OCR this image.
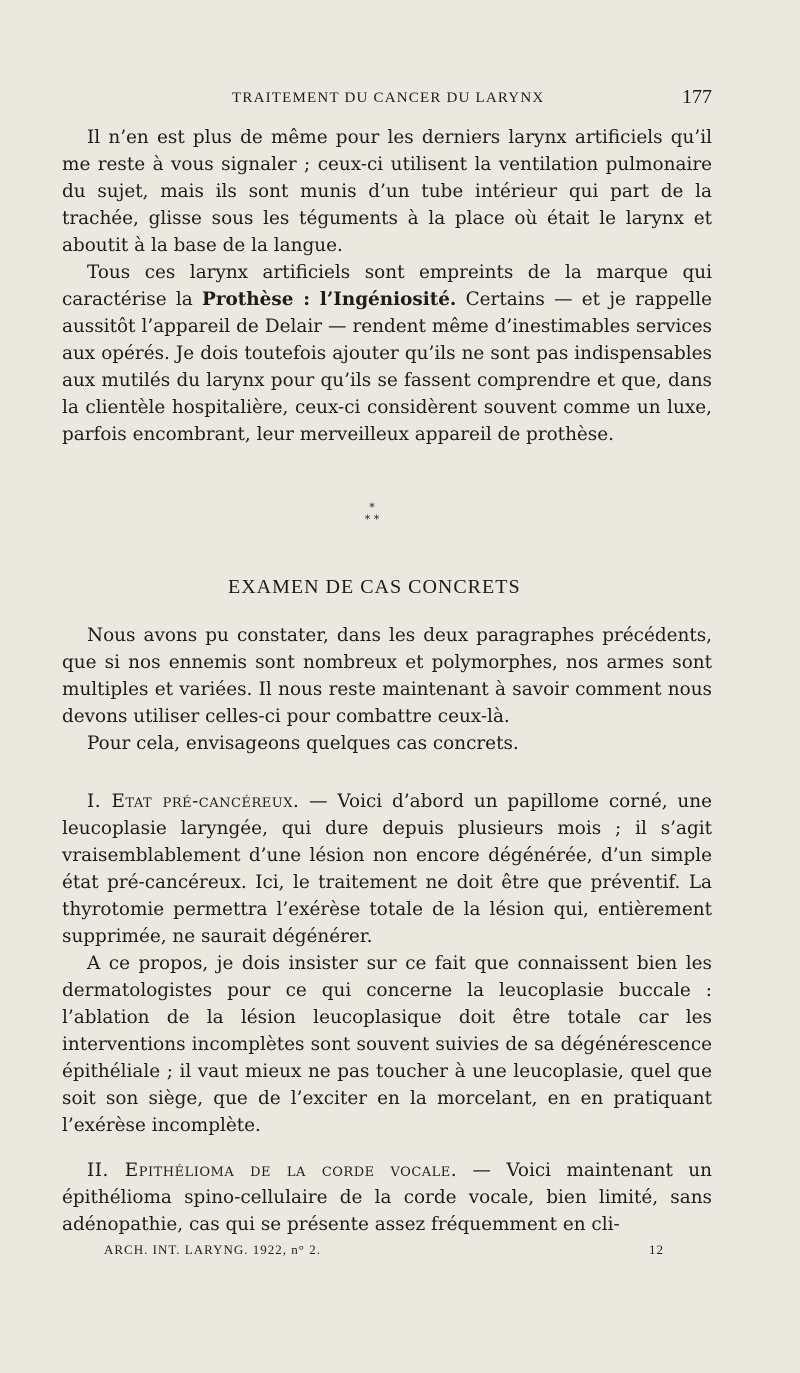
TRAITEMENT DU CANCER DU LARYNX	177

Il n’en est plus de même pour les derniers larynx artificiels qu’il me reste à vous signaler ; ceux-ci utilisent la ventilation pulmonaire du sujet, mais ils sont munis d’un tube intérieur qui part de la trachée, glisse sous les téguments à la place où était le larynx et aboutit à la base de la langue.

Tous ces larynx artificiels sont empreints de la marque qui caractérise la Prothèse : l’Ingéniosité. Certains — et je rappelle aussitôt l’appareil de Delair — rendent même d’inestimables services aux opérés. Je dois toutefois ajouter qu’ils ne sont pas indispensables aux mutilés du larynx pour qu’ils se fassent comprendre et que, dans la clientèle hospitalière, ceux-ci considèrent souvent comme un luxe, parfois encombrant, leur merveilleux appareil de prothèse.

*
* *
EXAMEN DE CAS CONCRETS

Nous avons pu constater, dans les deux paragraphes précédents, que si nos ennemis sont nombreux et polymorphes, nos armes sont multiples et variées. Il nous reste maintenant à savoir comment nous devons utiliser celles-ci pour combattre ceux-là.

Pour cela, envisageons quelques cas concrets.

I. Etat pré-cancéreux. — Voici d’abord un papillome corné, une leucoplasie laryngée, qui dure depuis plusieurs mois ; il s’agit vraisemblablement d’une lésion non encore dégénérée, d’un simple état pré-cancéreux. Ici, le traitement ne doit être que préventif. La thyrotomie permettra l’exérèse totale de la lésion qui, entièrement supprimée, ne saurait dégénérer.

A ce propos, je dois insister sur ce fait que connaissent bien les dermatologistes pour ce qui concerne la leucoplasie buccale : l’ablation de la lésion leucoplasique doit être totale car les interventions incomplètes sont souvent suivies de sa dégénérescence épithéliale ; il vaut mieux ne pas toucher à une leucoplasie, quel que soit son siège, que de l’exciter en la morcelant, en en pratiquant l’exérèse incomplète.

II. Epithélioma de la corde vocale. — Voici maintenant un épithélioma spino-cellulaire de la corde vocale, bien limité, sans adénopathie, cas qui se présente assez fréquemment en cli-

ARCH. INT. LARYNG. 1922, n° 2.	12
